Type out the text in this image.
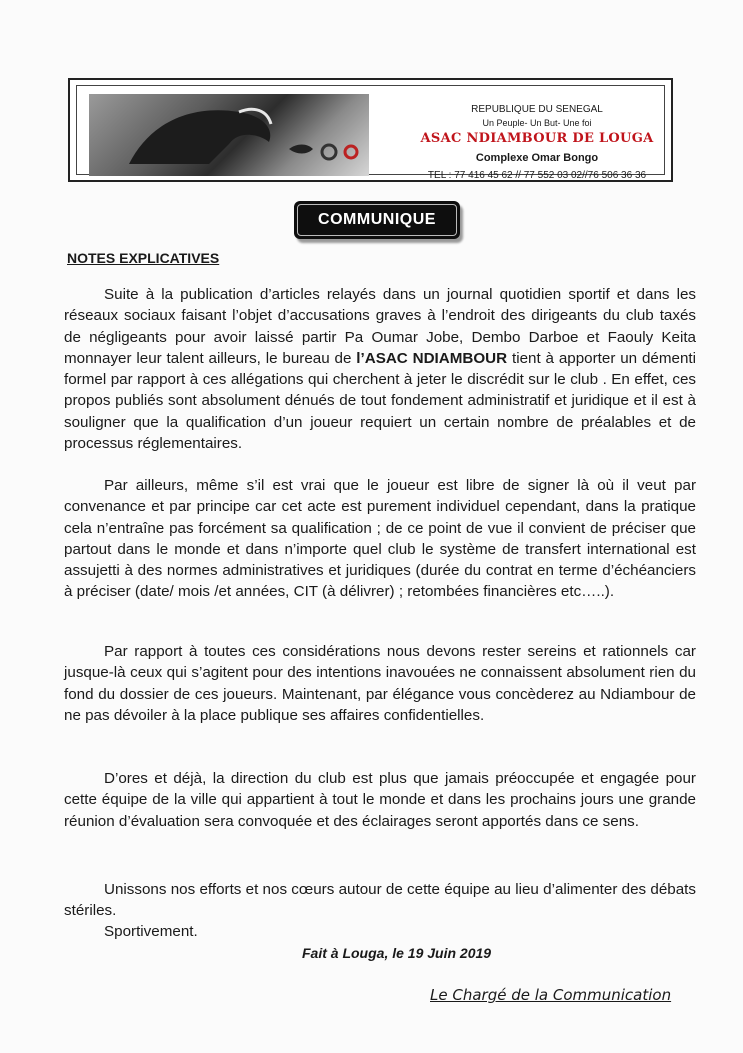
REPUBLIQUE DU SENEGAL
Un Peuple- Un But- Une foi
ASAC NDIAMBOUR DE LOUGA
Complexe Omar Bongo
TEL : 77 416 45 62 // 77 552 03 02//76 506 36 36
COMMUNIQUE
NOTES EXPLICATIVES

Suite à la publication d’articles relayés dans un journal quotidien sportif et dans les réseaux sociaux faisant l’objet d’accusations graves à l’endroit des dirigeants du club taxés de négligeants pour avoir laissé partir Pa Oumar Jobe, Dembo Darboe et Faouly Keita monnayer leur talent ailleurs, le bureau de l’ASAC NDIAMBOUR tient à apporter un démenti formel par rapport à ces allégations qui cherchent à jeter le discrédit sur le club . En effet, ces propos publiés sont absolument dénués de tout fondement administratif et juridique et il est à souligner que la qualification d’un joueur requiert un certain nombre de préalables et de processus réglementaires.

Par ailleurs, même s’il est vrai que le joueur est libre de signer là où il veut par convenance et par principe car cet acte est purement individuel cependant, dans la pratique cela n’entraîne pas forcément sa qualification ; de ce point de vue il convient de préciser que partout dans le monde et dans n’importe quel club le système de transfert international est assujetti à des normes administratives et juridiques (durée du contrat en terme d’échéanciers à préciser (date/ mois /et années, CIT (à délivrer) ; retombées financières etc…..).

Par rapport à toutes ces considérations nous devons rester sereins et rationnels car jusque-là ceux qui s’agitent pour des intentions inavouées ne connaissent absolument rien du fond du dossier de ces joueurs. Maintenant, par élégance vous concèderez au Ndiambour de ne pas dévoiler à la place publique ses affaires confidentielles.

D’ores et déjà, la direction du club est plus que jamais préoccupée et engagée pour cette équipe de la ville qui appartient à tout le monde et dans les prochains jours une grande réunion d’évaluation sera convoquée et des éclairages seront apportés dans ce sens.

Unissons nos efforts et nos cœurs autour de cette équipe au lieu d’alimenter des débats stériles.

Sportivement.
Fait à Louga, le 19 Juin 2019
Le Chargé de la Communication
